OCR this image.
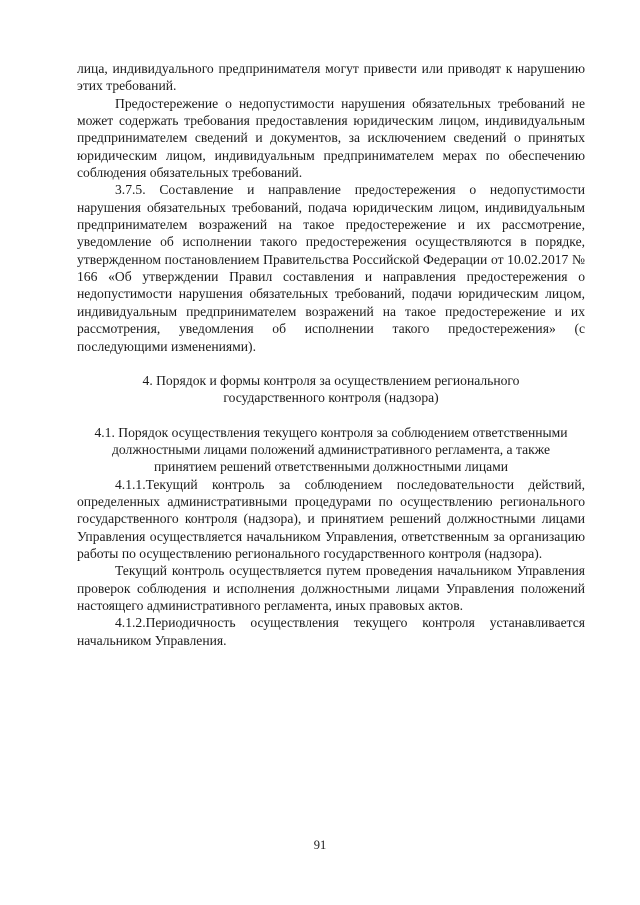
лица, индивидуального предпринимателя могут привести или приводят к нарушению этих требований.

Предостережение о недопустимости нарушения обязательных требований не может содержать требования предоставления юридическим лицом, индивидуальным предпринимателем сведений и документов, за исключением сведений о принятых юридическим лицом, индивидуальным предпринимателем мерах по обеспечению соблюдения обязательных требований.

3.7.5. Составление и направление предостережения о недопустимости нарушения обязательных требований, подача юридическим лицом, индивидуальным предпринимателем возражений на такое предостережение и их рассмотрение, уведомление об исполнении такого предостережения осуществляются в порядке, утвержденном постановлением Правительства Российской Федерации от 10.02.2017 № 166 «Об утверждении Правил составления и направления предостережения о недопустимости нарушения обязательных требований, подачи юридическим лицом, индивидуальным предпринимателем возражений на такое предостережение и их рассмотрения, уведомления об исполнении такого предостережения» (с последующими изменениями).

4. Порядок и формы контроля за осуществлением регионального государственного контроля (надзора)

4.1. Порядок осуществления текущего контроля за соблюдением ответственными должностными лицами положений административного регламента, а также принятием решений ответственными должностными лицами

4.1.1.Текущий контроль за соблюдением последовательности действий, определенных административными процедурами по осуществлению регионального государственного контроля (надзора), и принятием решений должностными лицами Управления осуществляется начальником Управления, ответственным за организацию работы по осуществлению регионального государственного контроля (надзора).

Текущий контроль осуществляется путем проведения начальником Управления проверок соблюдения и исполнения должностными лицами Управления положений настоящего административного регламента, иных правовых актов.

4.1.2.Периодичность осуществления текущего контроля устанавливается начальником Управления.

91
